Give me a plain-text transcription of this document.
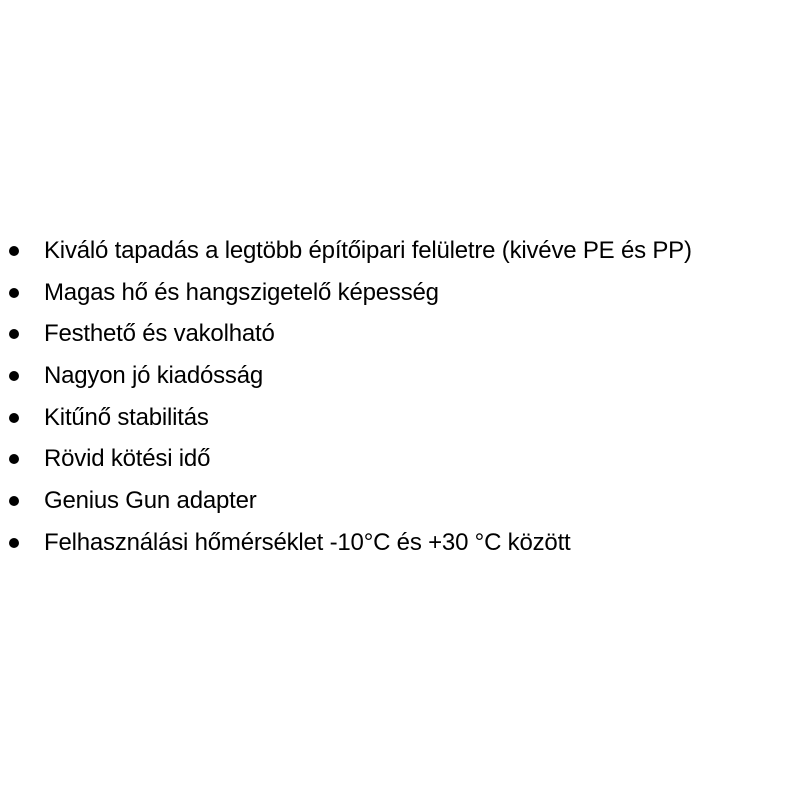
Kiváló tapadás a legtöbb építőipari felületre (kivéve PE és PP)
Magas hő és hangszigetelő képesség
Festhető és vakolható
Nagyon jó kiadósság
Kitűnő stabilitás
Rövid kötési idő
Genius Gun adapter
Felhasználási hőmérséklet -10°C és +30 °C között
